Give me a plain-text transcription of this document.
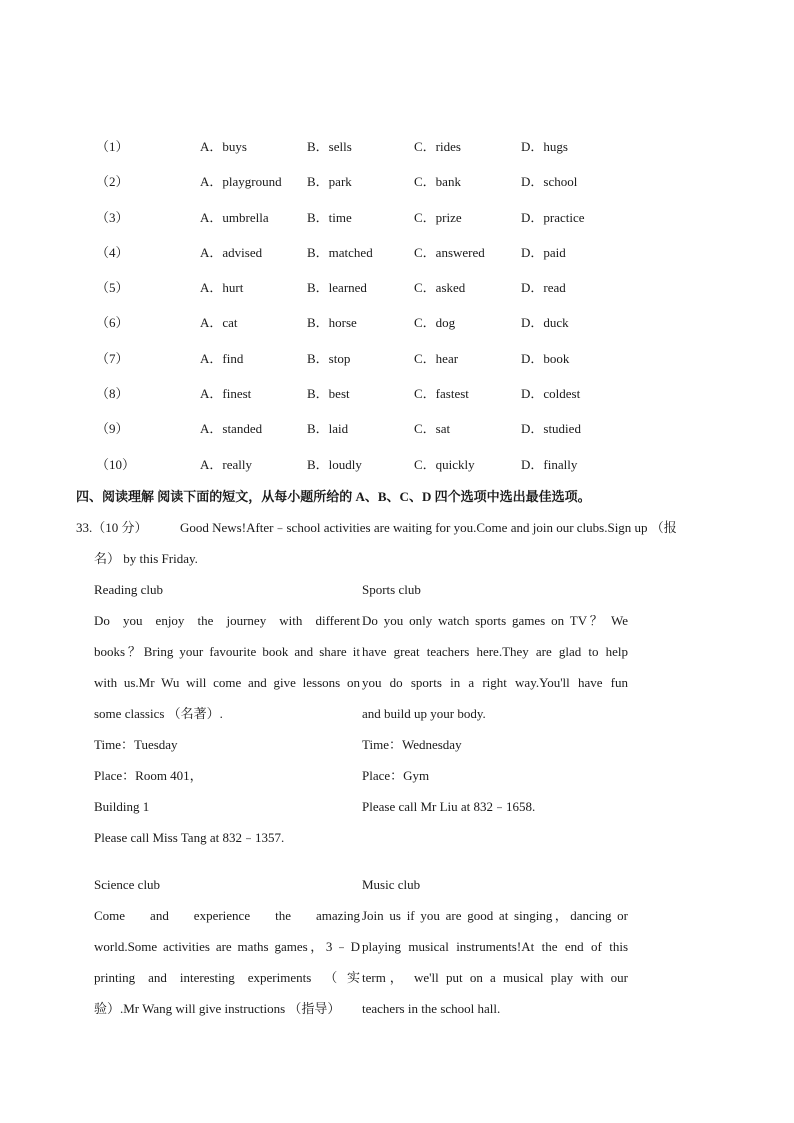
（1）	A．buys	B．sells	C．rides	D．hugs
（2）	A．playground B．park	C．bank	D．school
（3）	A．umbrella	B．time	C．prize	D．practice
（4）	A．advised	B．matched	C．answered	D．paid
（5）	A．hurt	B．learned	C．asked	D．read
（6）	A．cat	B．horse	C．dog	D．duck
（7）	A．find	B．stop	C．hear	D．book
（8）	A．finest	B．best	C．fastest	D．coldest
（9）	A．standed	B．laid	C．sat	D．studied
（10）	A．really	B．loudly	C．quickly	D．finally
四、阅读理解 阅读下面的短文，从每小题所给的 A、B、C、D 四个选项中选出最佳选项。
33.（10 分） Good News!After﹣school activities are waiting for you.Come and join our clubs.Sign up （报
名） by this Friday.
Reading club
Do you enjoy the journey with different
books？Bring your favourite book and share it
with us.Mr Wu will come and give lessons on
some classics （名著）.
Time：Tuesday
Place：Room 401，
Building 1
Please call Miss Tang at 832﹣1357.
Sports club
Do you only watch sports games on TV？ We
have great teachers here.They are glad to help
you do sports in a right way.You'll have fun
and build up your body.
Time：Wednesday
Place：Gym
Please call Mr Liu at 832﹣1658.
Science club
Come and experience the amazing
world.Some activities are maths games，3﹣D
printing and interesting experiments （实
验）.Mr Wang will give instructions （指导）
Music club
Join us if you are good at singing，dancing or
playing musical instruments!At the end of this
term， we'll put on a musical play with our
teachers in the school hall.
